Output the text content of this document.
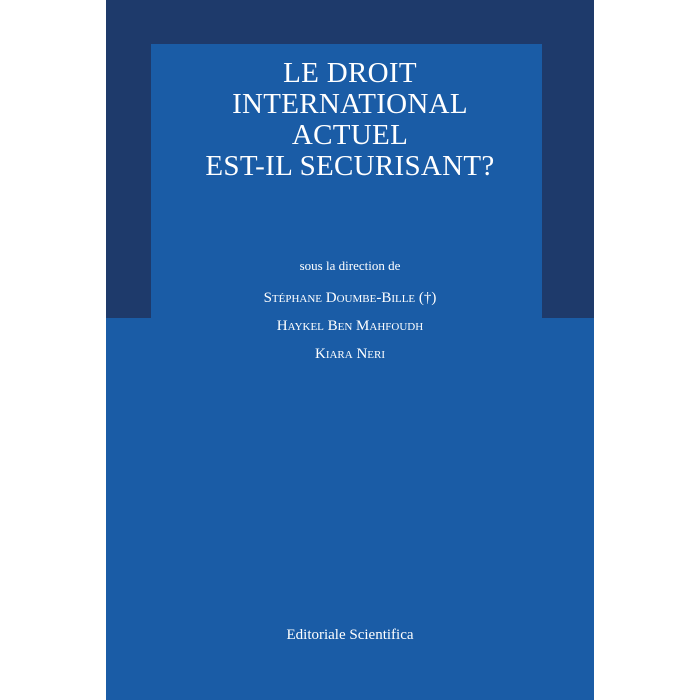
LE DROIT
INTERNATIONAL
ACTUEL
EST-IL SECURISANT?
sous la direction de
Stéphane Doumbe-Bille (†)
Haykel Ben Mahfoudh
Kiara Neri
Editoriale Scientifica
